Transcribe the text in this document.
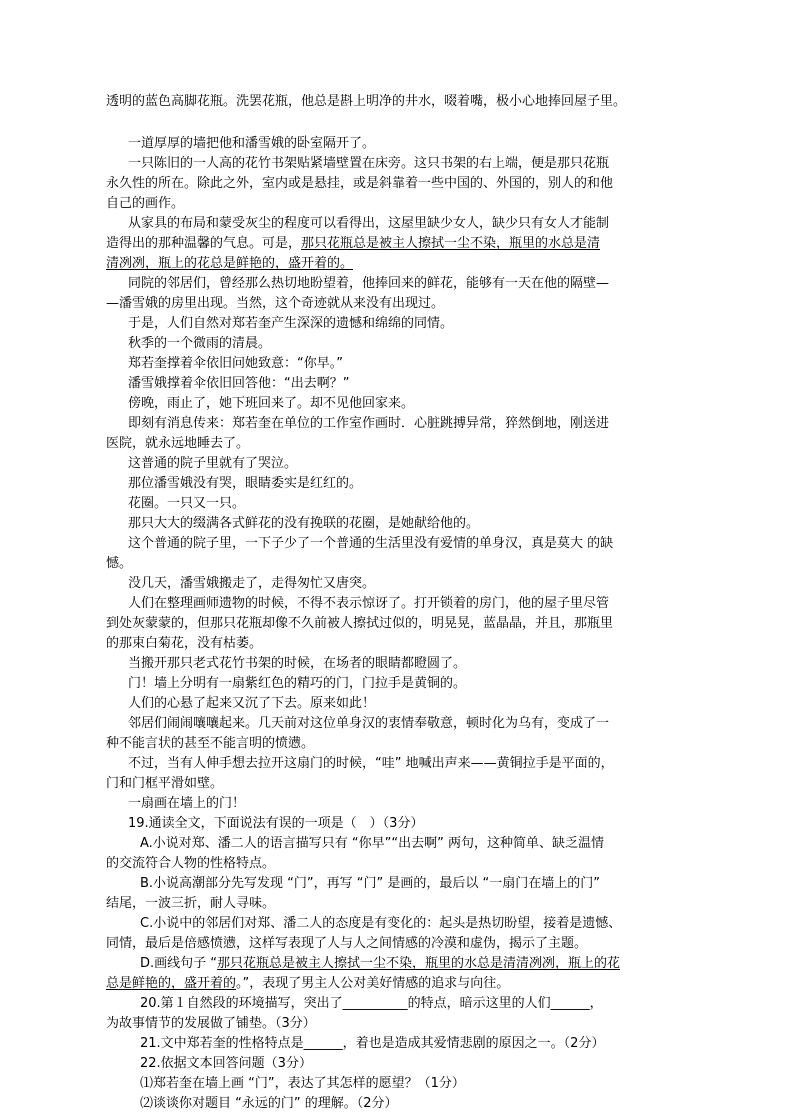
透明的蓝色高脚花瓶。洗罢花瓶，他总是斟上明净的井水，啜着嘴，极小心地捧回屋子里。
一道厚厚的墙把他和潘雪娥的卧室隔开了。
一只陈旧的一人高的花竹书架贴紧墙壁置在床旁。这只书架的右上端，便是那只花瓶
永久性的所在。除此之外，室内或是悬挂，或是斜靠着一些中国的、外国的，别人的和他
自己的画作。
从家具的布局和蒙受灰尘的程度可以看得出，这屋里缺少女人，缺少只有女人才能制
造得出的那种温馨的气息。可是，那只花瓶总是被主人擦拭一尘不染，瓶里的水总是清
清冽冽，瓶上的花总是鲜艳的，盛开着的。
同院的邻居们，曾经那么热切地盼望着，他捧回来的鲜花，能够有一天在他的隔壁—
—潘雪娥的房里出现。当然，这个奇迹就从来没有出现过。
于是，人们自然对郑若奎产生深深的遗憾和绵绵的同情。
秋季的一个微雨的清晨。
郑若奎撑着伞依旧问她致意：“你早。”
潘雪娥撑着伞依旧回答他：“出去啊？”
傍晚，雨止了，她下班回来了。却不见他回家来。
即刻有消息传来：郑若奎在单位的工作室作画时．心脏跳搏异常，猝然倒地，刚送进
医院，就永远地睡去了。
这普通的院子里就有了哭泣。
那位潘雪娥没有哭，眼睛委实是红红的。
花圈。一只又一只。
那只大大的缀满各式鲜花的没有挽联的花圈，是她献给他的。
这个普通的院子里，一下子少了一个普通的生活里没有爱情的单身汉，真是莫大 的缺
憾。
没几天，潘雪娥搬走了，走得匆忙又唐突。
人们在整理画师遗物的时候，不得不表示惊讶了。打开锁着的房门，他的屋子里尽管
到处灰蒙蒙的，但那只花瓶却像不久前被人擦拭过似的，明晃晃，蓝晶晶，并且，那瓶里
的那束白菊花，没有枯萎。
当搬开那只老式花竹书架的时候，在场者的眼睛都瞪圆了。
门！墙上分明有一扇紫红色的精巧的门，门拉手是黄铜的。
人们的心悬了起来又沉了下去。原来如此！
邻居们闹闹嚷嚷起来。几天前对这位单身汉的衷情奉敬意，顿时化为乌有，变成了一
种不能言状的甚至不能言明的愤懑。
不过，当有人伸手想去拉开这扇门的时候，“哇” 地喊出声来——黄铜拉手是平面的，
门和门框平滑如壁。
一扇画在墙上的门！
19.通读全文，下面说法有误的一项是（　）（3分）
A.小说对郑、潘二人的语言描写只有 “你早”“出去啊” 两句，这种简单、缺乏温情
的交流符合人物的性格特点。
B.小说高潮部分先写发现 “门”，再写 “门” 是画的，最后以 “一扇门在墙上的门”
结尾，一波三折，耐人寻味。
C.小说中的邻居们对郑、潘二人的态度是有变化的：起头是热切盼望，接着是遗憾、
同情，最后是倍感愤懑，这样写表现了人与人之间情感的冷漠和虚伪，揭示了主题。
D.画线句子 “那只花瓶总是被主人擦拭一尘不染，瓶里的水总是清清冽冽，瓶上的花
总是鲜艳的，盛开着的。”，表现了男主人公对美好情感的追求与向往。
20.第１自然段的环境描写，突出了__________的特点，暗示这里的人们______，
为故事情节的发展做了铺垫。（3分）
21.文中郑若奎的性格特点是______，着也是造成其爱情悲剧的原因之一。（2分）
22.依据文本回答问题（3分）
⑴郑若奎在墙上画 “门”，表达了其怎样的愿望？（1分）
⑵谈谈你对题目 “永远的门” 的理解。（2分）
